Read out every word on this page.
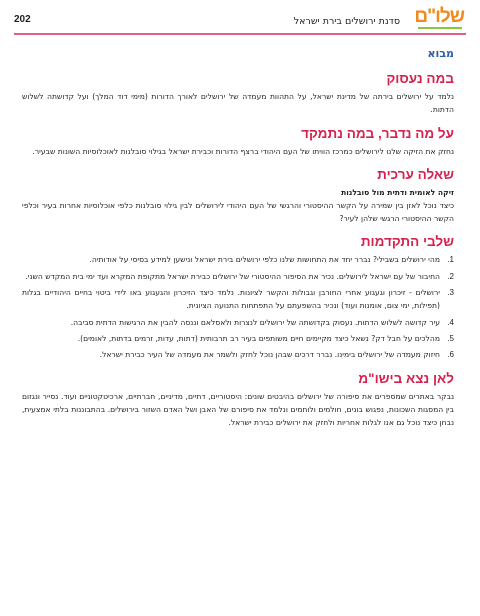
202	שלו"ם
סדנת ירושלים בירת ישראל
מבוא
במה נעסוק

נלמד על ירושלים בירתה של מדינת ישראל, על התהוות מעמדה של ירושלים לאורך הדורות (מימי דוד המלך) ועל קדושתה לשלוש הדתות.

על מה נדבר, במה נתמקד

נחזק את הזיקה שלנו לירושלים כמרכז הוויתו של העם היהודי ברצף הדורות וכבירת ישראל בגילוי סובלנות לאוכלוסיות השונות שבעיר.

שאלה ערכית
זיקה לאומית ודתית מול סובלנות

כיצד נוכל לאזן בין שמירה על הקשר ההיסטורי והרגשי של העם היהודי לירושלים לבין גילוי סובלנות כלפי אוכלוסיות אחרות בעיר וכלפי הקשר ההיסטורי הרגשי שלהן לעיר?

שלבי התקדמות
1.
מהי ירושלים בשבילי? נברר יחד את התחושות שלנו כלפי ירושלים בירת ישראל ונישען למידע בסיסי על אודותיה.
2.
החיבור של עם ישראל לירושלים. נכיר את הסיפור ההיסטורי של ירושלים כבירת ישראל מתקופת המקרא ועד ימי בית המקדש השני.
3.
ירושלים - זיכרון וגעגוע אחרי החורבן וגבולות והקשר לציונות. נלמד כיצד הזיכרון והגעגוע באו לידי ביטוי בחיים היהודיים בגלות (תפילות, ימי צום, אומנות ועוד) ונכיר בהשפעתם על התפתחות התנועה הציונית.
4.
עיר קדושה לשלוש הדתות. נעסוק בקדושתה של ירושלים לנצרות ולאסלאם וננסה להבין את הרגישות הדתית סביבה.
5.
מהלכים על חבל דק? נשאל כיצד מקיימים חיים משותפים בעיר רב תרבותית (דתות, עדות, זרמים בדתות, לאומים).
6.
חיזוק מעמדה של ירושלים בימינו. נברר דרכים שבהן נוכל לחזק ולשמר את מעמדה של העיר כבירת ישראל.
לאן נצא בישו"מ

נבקר באתרים שמספרים את סיפורה של ירושלים בהיבטים שונים: היסטוריים, דתיים, מדיניים, חברתיים, ארכיטקטוניים ועוד. נסייר ונגזום בין המסגות השכונות, נפגוש בונים, חולמים ולוחמים ונלמד את סיפורם של האבן ושל האדם השזור בירושלים. בהתבוננות בלתי אמצעית, נבחן כיצד נוכל גם אנו לגלות אחריות ולחזק את ירושלים כבירת ישראל.
